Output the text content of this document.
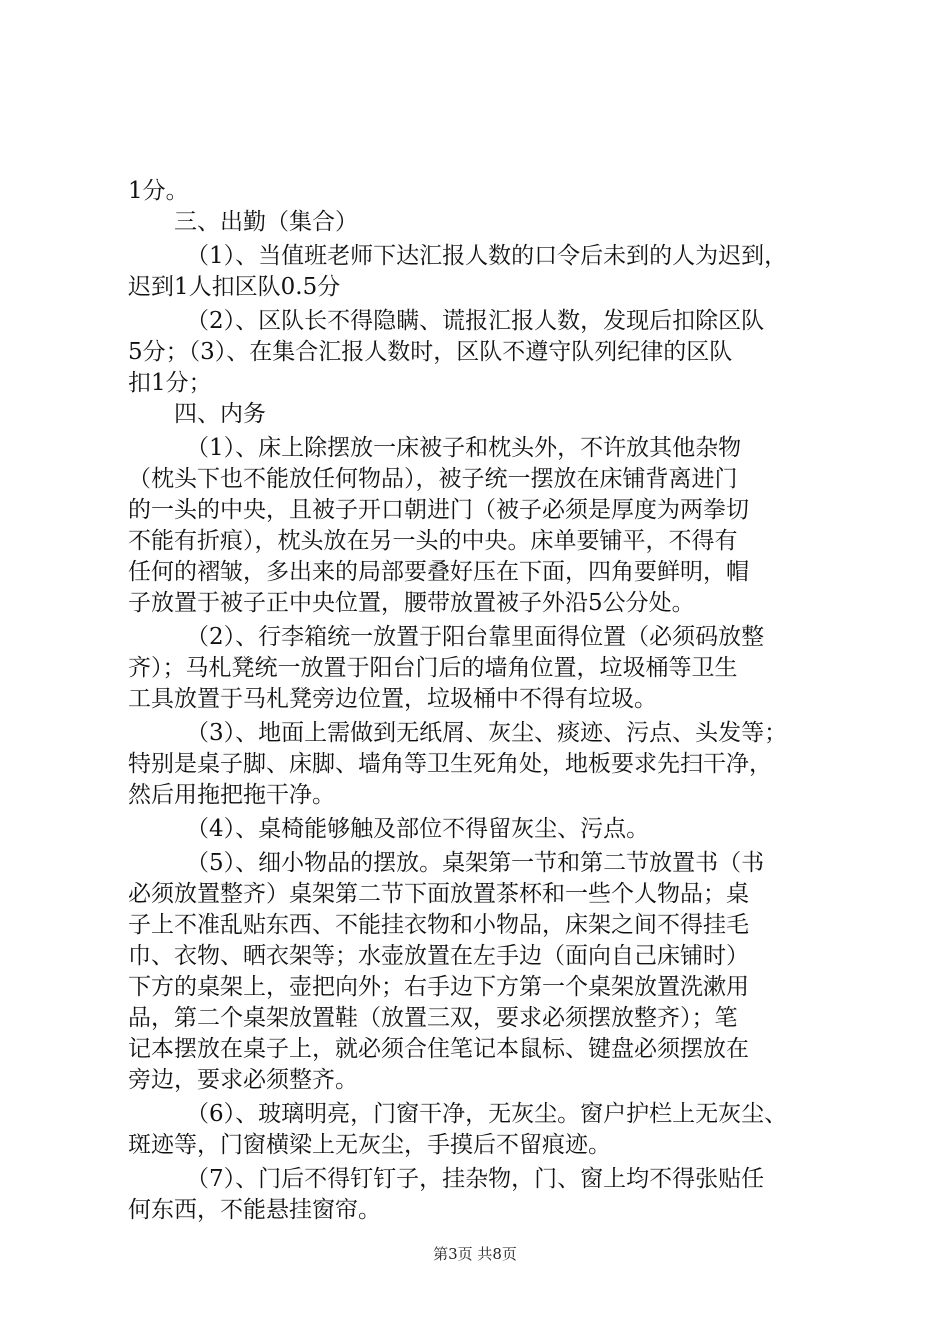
1分。
三、出勤（集合）
（1）、当值班老师下达汇报人数的口令后未到的人为迟到，
迟到1人扣区队0.5分
（2）、区队长不得隐瞒、谎报汇报人数，发现后扣除区队
5分；（3）、在集合汇报人数时，区队不遵守队列纪律的区队
扣1分；
四、内务
（1）、床上除摆放一床被子和枕头外，不许放其他杂物
（枕头下也不能放任何物品），被子统一摆放在床铺背离进门
的一头的中央，且被子开口朝进门（被子必须是厚度为两拳切
不能有折痕），枕头放在另一头的中央。床单要铺平，不得有
任何的褶皱，多出来的局部要叠好压在下面，四角要鲜明，帽
子放置于被子正中央位置，腰带放置被子外沿5公分处。
（2）、行李箱统一放置于阳台靠里面得位置（必须码放整
齐）；马札凳统一放置于阳台门后的墙角位置，垃圾桶等卫生
工具放置于马札凳旁边位置，垃圾桶中不得有垃圾。
（3）、地面上需做到无纸屑、灰尘、痰迹、污点、头发等；
特别是桌子脚、床脚、墙角等卫生死角处，地板要求先扫干净，
然后用拖把拖干净。
（4）、桌椅能够触及部位不得留灰尘、污点。
（5）、细小物品的摆放。桌架第一节和第二节放置书（书
必须放置整齐）桌架第二节下面放置茶杯和一些个人物品；桌
子上不准乱贴东西、不能挂衣物和小物品，床架之间不得挂毛
巾、衣物、晒衣架等；水壶放置在左手边（面向自己床铺时）
下方的桌架上，壶把向外；右手边下方第一个桌架放置洗漱用
品，第二个桌架放置鞋（放置三双，要求必须摆放整齐）；笔
记本摆放在桌子上，就必须合住笔记本鼠标、键盘必须摆放在
旁边，要求必须整齐。
（6）、玻璃明亮，门窗干净，无灰尘。窗户护栏上无灰尘、
斑迹等，门窗横梁上无灰尘，手摸后不留痕迹。
（7）、门后不得钉钉子，挂杂物，门、窗上均不得张贴任
何东西，不能悬挂窗帘。
第3页 共8页
